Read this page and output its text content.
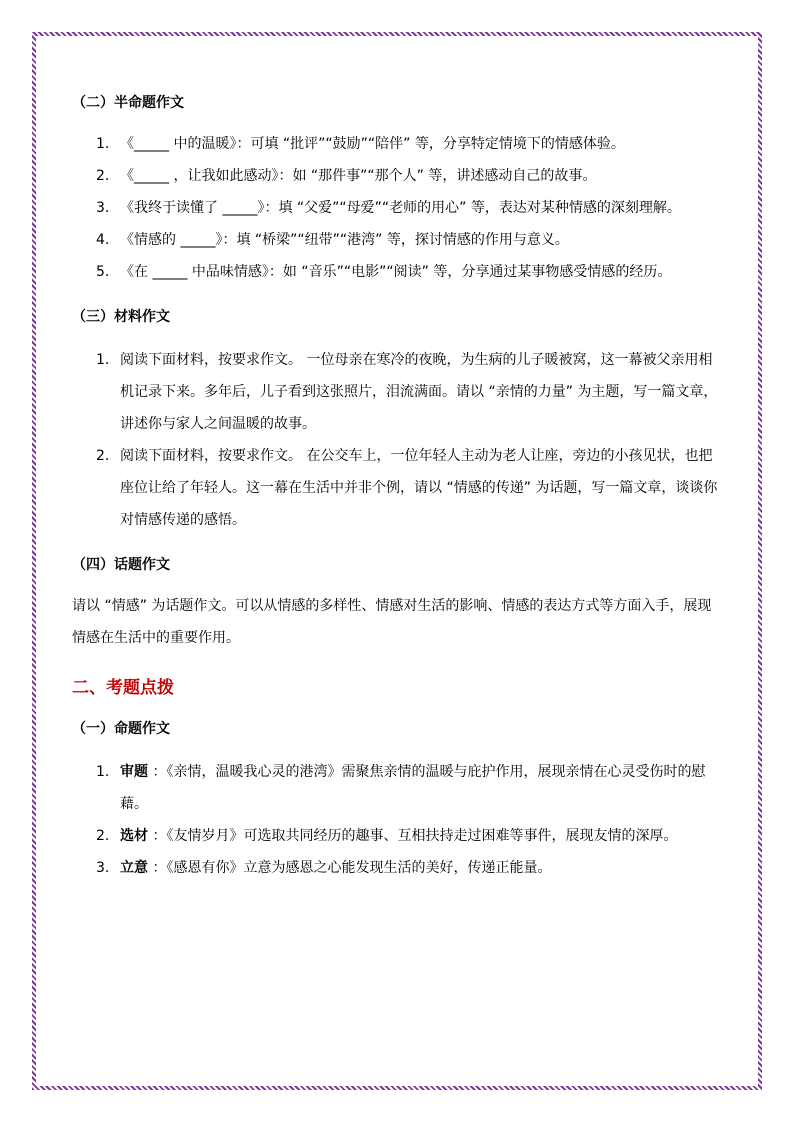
（二）半命题作文

1. 《_____ 中的温暖》：可填 “批评”“鼓励”“陪伴” 等，分享特定情境下的情感体验。
2. 《_____ ，让我如此感动》：如 “那件事”“那个人” 等，讲述感动自己的故事。
3. 《我终于读懂了 _____》：填 “父爱”“母爱”“老师的用心” 等，表达对某种情感的深刻理解。
4. 《情感的 _____》：填 “桥梁”“纽带”“港湾” 等，探讨情感的作用与意义。
5. 《在 _____ 中品味情感》：如 “音乐”“电影”“阅读” 等，分享通过某事物感受情感的经历。

（三）材料作文

1. 阅读下面材料，按要求作文。 一位母亲在寒冷的夜晚，为生病的儿子暖被窝，这一幕被父亲用相机记录下来。多年后，儿子看到这张照片，泪流满面。请以 “亲情的力量” 为主题，写一篇文章，讲述你与家人之间温暖的故事。
2. 阅读下面材料，按要求作文。 在公交车上，一位年轻人主动为老人让座，旁边的小孩见状，也把座位让给了年轻人。这一幕在生活中并非个例，请以 “情感的传递” 为话题，写一篇文章，谈谈你对情感传递的感悟。

（四）话题作文

请以 “情感” 为话题作文。可以从情感的多样性、情感对生活的影响、情感的表达方式等方面入手，展现情感在生活中的重要作用。

二、考题点拨

（一）命题作文

1. 审题 ：《亲情，温暖我心灵的港湾》需聚焦亲情的温暖与庇护作用，展现亲情在心灵受伤时的慰藉。
2. 选材 ：《友情岁月》可选取共同经历的趣事、互相扶持走过困难等事件，展现友情的深厚。
3. 立意 ：《感恩有你》立意为感恩之心能发现生活的美好，传递正能量。
